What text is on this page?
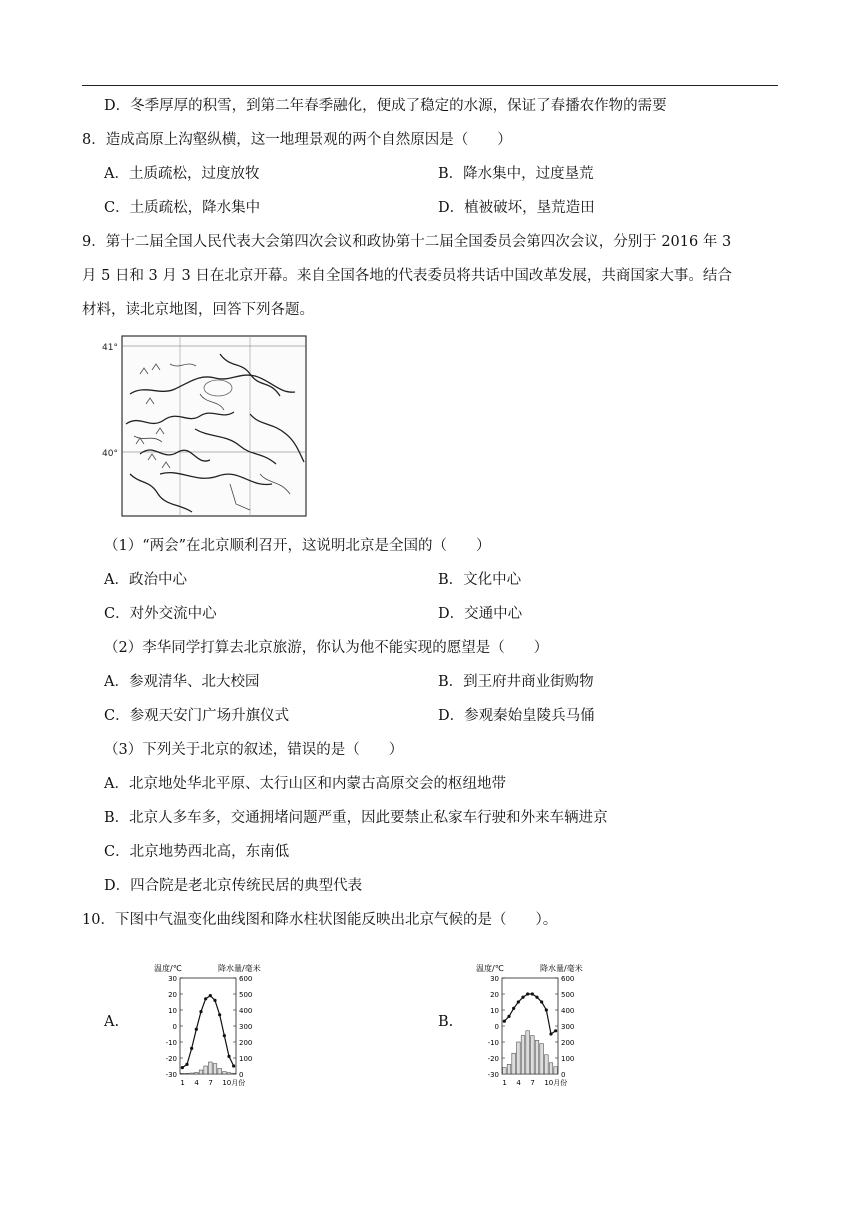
D．冬季厚厚的积雪，到第二年春季融化，便成了稳定的水源，保证了春播农作物的需要
8．造成高原上沟壑纵横，这一地理景观的两个自然原因是（　　）
A．土质疏松，过度放牧	B．降水集中，过度垦荒
C．土质疏松，降水集中	D．植被破坏，垦荒造田
9．第十二届全国人民代表大会第四次会议和政协第十二届全国委员会第四次会议，分别于 2016 年 3
月 5 日和 3 月 3 日在北京开幕。来自全国各地的代表委员将共话中国改革发展，共商国家大事。结合
材料，读北京地图，回答下列各题。
41°
40°
（1）“两会”在北京顺利召开，这说明北京是全国的（　　）
A．政治中心	B．文化中心
C．对外交流中心	D．交通中心
（2）李华同学打算去北京旅游，你认为他不能实现的愿望是（　　）
A．参观清华、北大校园	B．到王府井商业街购物
C．参观天安门广场升旗仪式	D．参观秦始皇陵兵马俑
（3）下列关于北京的叙述，错误的是（　　）
A．北京地处华北平原、太行山区和内蒙古高原交会的枢纽地带
B．北京人多车多，交通拥堵问题严重，因此要禁止私家车行驶和外来车辆进京
C．北京地势西北高，东南低
D．四合院是老北京传统民居的典型代表
10．下图中气温变化曲线图和降水柱状图能反映出北京气候的是（　　）。
A.
温度/℃	降水量/毫米
30
20
10
0
-10
-20
-30
600
500
400
300
200
100
0
1 4 7 10月份
B.
温度/℃	降水量/毫米
30
20
10
0
-10
-20
-30
600
500
400
300
200
100
0
1 4 7 10月份
